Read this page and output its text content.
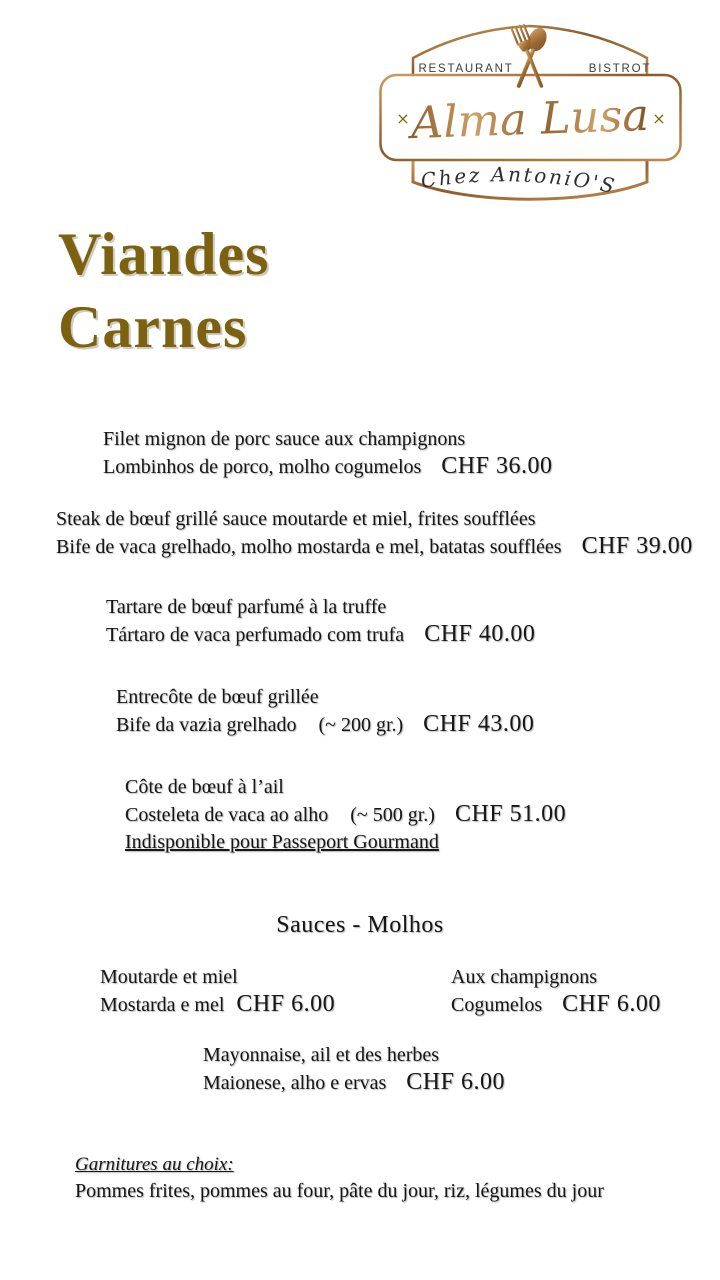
RESTAURANT	BISTROT
×	×
Alma Lusa
Chez AntoniO'S
Viandes
Carnes
Filet mignon de porc sauce aux champignons
Lombinhos de porco, molho cogumelos CHF 36.00
Steak de bœuf grillé sauce moutarde et miel, frites soufflées
Bife de vaca grelhado, molho mostarda e mel, batatas soufflées CHF 39.00
Tartare de bœuf parfumé à la truffe
Tártaro de vaca perfumado com trufa CHF 40.00
Entrecôte de bœuf grillée
Bife da vazia grelhado (~ 200 gr.) CHF 43.00
Côte de bœuf à l’ail
Costeleta de vaca ao alho (~ 500 gr.) CHF 51.00
Indisponible pour Passeport Gourmand
Sauces - Molhos
Moutarde et miel
Mostarda e mel CHF 6.00
Aux champignons
Cogumelos CHF 6.00
Mayonnaise, ail et des herbes
Maionese, alho e ervas CHF 6.00
Garnitures au choix:
Pommes frites, pommes au four, pâte du jour, riz, légumes du jour
